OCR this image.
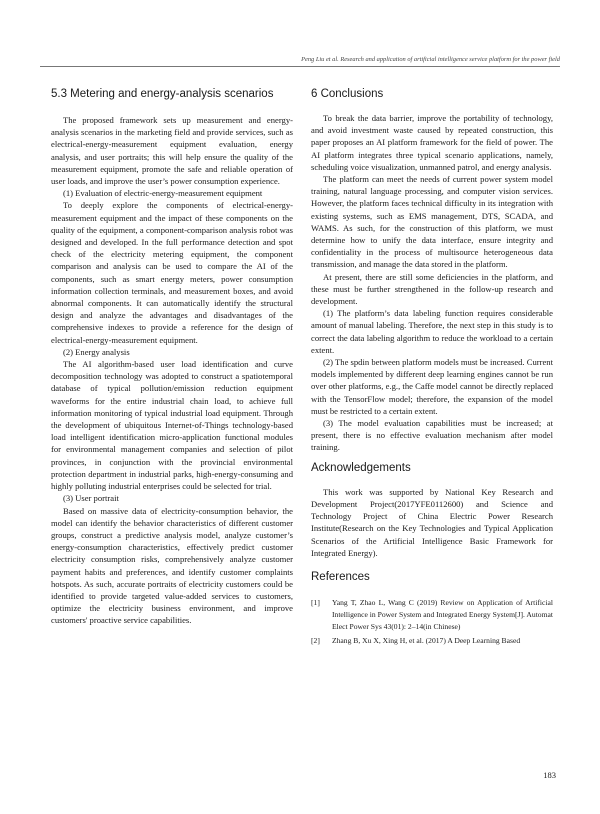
Peng Liu et al. Research and application of artificial intelligence service platform for the power field
5.3 Metering and energy-analysis scenarios

The proposed framework sets up measurement and energy-analysis scenarios in the marketing field and provide services, such as electrical-energy-measurement equipment evaluation, energy analysis, and user portraits; this will help ensure the quality of the measurement equipment, promote the safe and reliable operation of user loads, and improve the user’s power consumption experience.

(1) Evaluation of electric-energy-measurement equipment

To deeply explore the components of electrical-energy-measurement equipment and the impact of these components on the quality of the equipment, a component-comparison analysis robot was designed and developed. In the full performance detection and spot check of the electricity metering equipment, the component comparison and analysis can be used to compare the AI of the components, such as smart energy meters, power consumption information collection terminals, and measurement boxes, and avoid abnormal components. It can automatically identify the structural design and analyze the advantages and disadvantages of the comprehensive indexes to provide a reference for the design of electrical-energy-measurement equipment.

(2) Energy analysis

The AI algorithm-based user load identification and curve decomposition technology was adopted to construct a spatiotemporal database of typical pollution/emission reduction equipment waveforms for the entire industrial chain load, to achieve full information monitoring of typical industrial load equipment. Through the development of ubiquitous Internet-of-Things technology-based load intelligent identification micro-application functional modules for environmental management companies and selection of pilot provinces, in conjunction with the provincial environmental protection department in industrial parks, high-energy-consuming and highly polluting industrial enterprises could be selected for trial.

(3) User portrait

Based on massive data of electricity-consumption behavior, the model can identify the behavior characteristics of different customer groups, construct a predictive analysis model, analyze customer’s energy-consumption characteristics, effectively predict customer electricity consumption risks, comprehensively analyze customer payment habits and preferences, and identify customer complaints hotspots. As such, accurate portraits of electricity customers could be identified to provide targeted value-added services to customers, optimize the electricity business environment, and improve customers' proactive service capabilities.

6 Conclusions

To break the data barrier, improve the portability of technology, and avoid investment waste caused by repeated construction, this paper proposes an AI platform framework for the field of power. The AI platform integrates three typical scenario applications, namely, scheduling voice visualization, unmanned patrol, and energy analysis.

The platform can meet the needs of current power system model training, natural language processing, and computer vision services. However, the platform faces technical difficulty in its integration with existing systems, such as EMS management, DTS, SCADA, and WAMS. As such, for the construction of this platform, we must determine how to unify the data interface, ensure integrity and confidentiality in the process of multisource heterogeneous data transmission, and manage the data stored in the platform.

At present, there are still some deficiencies in the platform, and these must be further strengthened in the follow-up research and development.

(1) The platform’s data labeling function requires considerable amount of manual labeling. Therefore, the next step in this study is to correct the data labeling algorithm to reduce the workload to a certain extent.

(2) The spdin between platform models must be increased. Current models implemented by different deep learning engines cannot be run over other platforms, e.g., the Caffe model cannot be directly replaced with the TensorFlow model; therefore, the expansion of the model must be restricted to a certain extent.

(3) The model evaluation capabilities must be increased; at present, there is no effective evaluation mechanism after model training.

Acknowledgements

This work was supported by National Key Research and Development Project(2017YFE0112600) and Science and Technology Project of China Electric Power Research Institute(Research on the Key Technologies and Typical Application Scenarios of the Artificial Intelligence Basic Framework for Integrated Energy).

References
[1] Yang T, Zhao L, Wang C (2019) Review on Application of Artificial Intelligence in Power System and Integrated Energy System[J]. Automat Elect Power Sys 43(01): 2–14(in Chinese)
[2] Zhang B, Xu X, Xing H, et al. (2017) A Deep Learning Based
183
